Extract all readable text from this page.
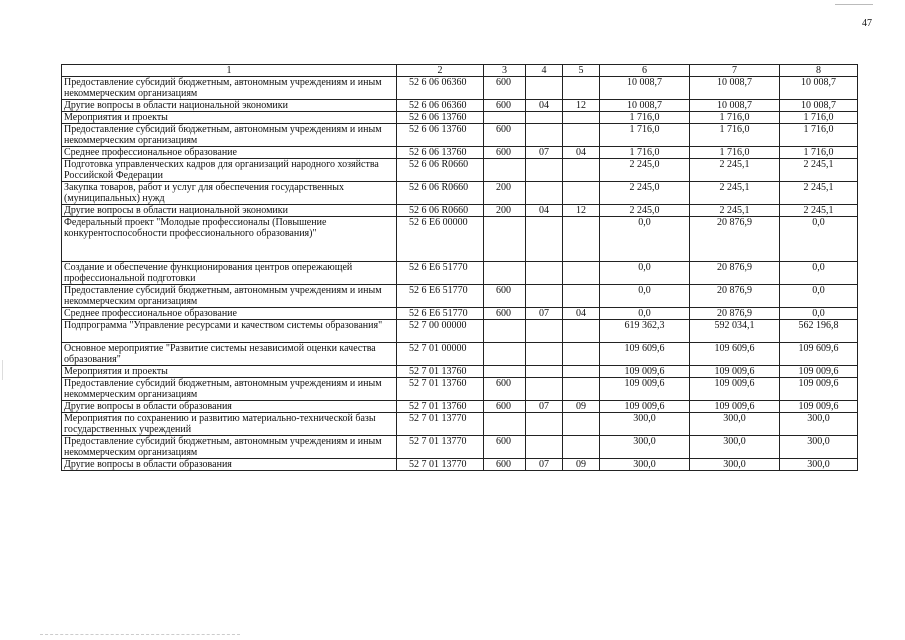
47
1	2	3	4	5	6	7	8
Предоставление субсидий бюджетным, автономным учреждениям и иным некоммерческим организациям	52 6 06 06360	600			10 008,7	10 008,7	10 008,7
Другие вопросы в области национальной экономики	52 6 06 06360	600	04	12	10 008,7	10 008,7	10 008,7
Мероприятия и проекты	52 6 06 13760				1 716,0	1 716,0	1 716,0
Предоставление субсидий бюджетным, автономным учреждениям и иным некоммерческим организациям	52 6 06 13760	600			1 716,0	1 716,0	1 716,0
Среднее профессиональное образование	52 6 06 13760	600	07	04	1 716,0	1 716,0	1 716,0
Подготовка управленческих кадров для организаций народного хозяйства Российской Федерации	52 6 06 R0660				2 245,0	2 245,1	2 245,1
Закупка товаров, работ и услуг для обеспечения государственных (муниципальных) нужд	52 6 06 R0660	200			2 245,0	2 245,1	2 245,1
Другие вопросы в области национальной экономики	52 6 06 R0660	200	04	12	2 245,0	2 245,1	2 245,1
Федеральный проект "Молодые профессионалы (Повышение конкурентоспособности профессионального образования)"	52 6 E6 00000				0,0	20 876,9	0,0
Создание и обеспечение функционирования центров опережающей профессиональной подготовки	52 6 E6 51770				0,0	20 876,9	0,0
Предоставление субсидий бюджетным, автономным учреждениям и иным некоммерческим организациям	52 6 E6 51770	600			0,0	20 876,9	0,0
Среднее профессиональное образование	52 6 E6 51770	600	07	04	0,0	20 876,9	0,0
Подпрограмма "Управление ресурсами и качеством системы образования"	52 7 00 00000				619 362,3	592 034,1	562 196,8
Основное мероприятие "Развитие системы независимой оценки качества образования"	52 7 01 00000				109 609,6	109 609,6	109 609,6
Мероприятия и проекты	52 7 01 13760				109 009,6	109 009,6	109 009,6
Предоставление субсидий бюджетным, автономным учреждениям и иным некоммерческим организациям	52 7 01 13760	600			109 009,6	109 009,6	109 009,6
Другие вопросы в области образования	52 7 01 13760	600	07	09	109 009,6	109 009,6	109 009,6
Мероприятия по сохранению и развитию материально-технической базы государственных учреждений	52 7 01 13770				300,0	300,0	300,0
Предоставление субсидий бюджетным, автономным учреждениям и иным некоммерческим организациям	52 7 01 13770	600			300,0	300,0	300,0
Другие вопросы в области образования	52 7 01 13770	600	07	09	300,0	300,0	300,0
